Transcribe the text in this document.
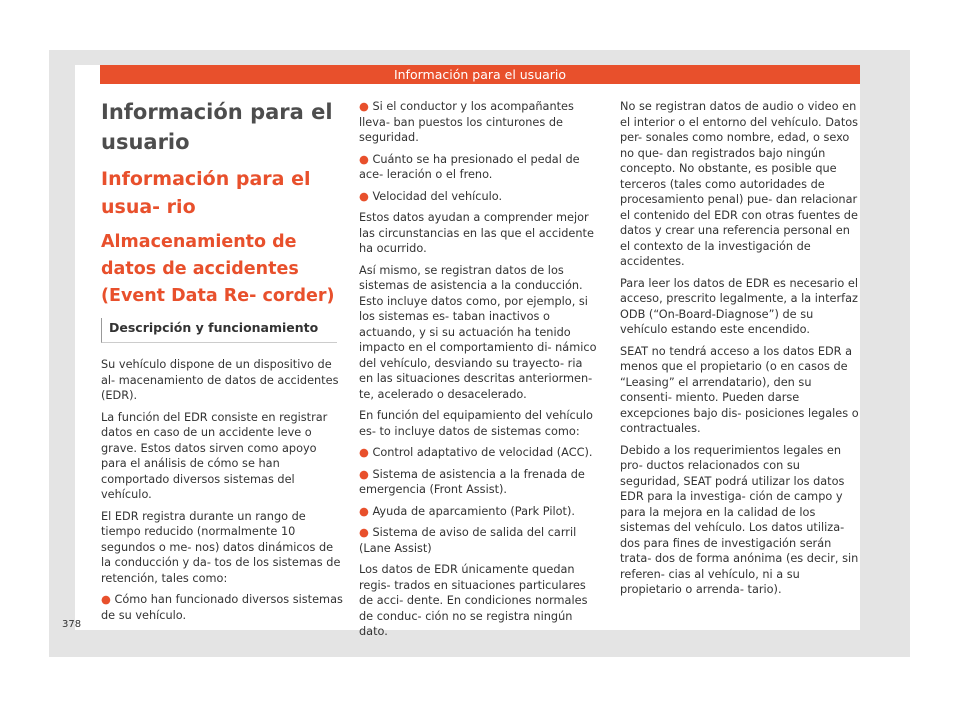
Información para el usuario
Información para el usuario
Información para el usua- rio
Almacenamiento de datos de accidentes (Event Data Re- corder)
Descripción y funcionamiento

Su vehículo dispone de un dispositivo de al- macenamiento de datos de accidentes (EDR).

La función del EDR consiste en registrar datos en caso de un accidente leve o grave. Estos datos sirven como apoyo para el análisis de cómo se han comportado diversos sistemas del vehículo.

El EDR registra durante un rango de tiempo reducido (normalmente 10 segundos o me- nos) datos dinámicos de la conducción y da- tos de los sistemas de retención, tales como:

● Cómo han funcionado diversos sistemas de su vehículo.
● Si el conductor y los acompañantes lleva- ban puestos los cinturones de seguridad.
● Cuánto se ha presionado el pedal de ace- leración o el freno.
● Velocidad del vehículo.

Estos datos ayudan a comprender mejor las circunstancias en las que el accidente ha ocurrido.

Así mismo, se registran datos de los sistemas de asistencia a la conducción. Esto incluye datos como, por ejemplo, si los sistemas es- taban inactivos o actuando, y si su actuación ha tenido impacto en el comportamiento di- námico del vehículo, desviando su trayecto- ria en las situaciones descritas anteriormen- te, acelerado o desacelerado.

En función del equipamiento del vehículo es- to incluye datos de sistemas como:

● Control adaptativo de velocidad (ACC).
● Sistema de asistencia a la frenada de emergencia (Front Assist).
● Ayuda de aparcamiento (Park Pilot).
● Sistema de aviso de salida del carril (Lane Assist)

Los datos de EDR únicamente quedan regis- trados en situaciones particulares de acci- dente. En condiciones normales de conduc- ción no se registra ningún dato.

No se registran datos de audio o video en el interior o el entorno del vehículo. Datos per- sonales como nombre, edad, o sexo no que- dan registrados bajo ningún concepto. No obstante, es posible que terceros (tales como autoridades de procesamiento penal) pue- dan relacionar el contenido del EDR con otras fuentes de datos y crear una referencia personal en el contexto de la investigación de accidentes.

Para leer los datos de EDR es necesario el acceso, prescrito legalmente, a la interfaz ODB (“On-Board-Diagnose”) de su vehículo estando este encendido.

SEAT no tendrá acceso a los datos EDR a menos que el propietario (o en casos de “Leasing” el arrendatario), den su consenti- miento. Pueden darse excepciones bajo dis- posiciones legales o contractuales.

Debido a los requerimientos legales en pro- ductos relacionados con su seguridad, SEAT podrá utilizar los datos EDR para la investiga- ción de campo y para la mejora en la calidad de los sistemas del vehículo. Los datos utiliza- dos para fines de investigación serán trata- dos de forma anónima (es decir, sin referen- cias al vehículo, ni a su propietario o arrenda- tario).

378
